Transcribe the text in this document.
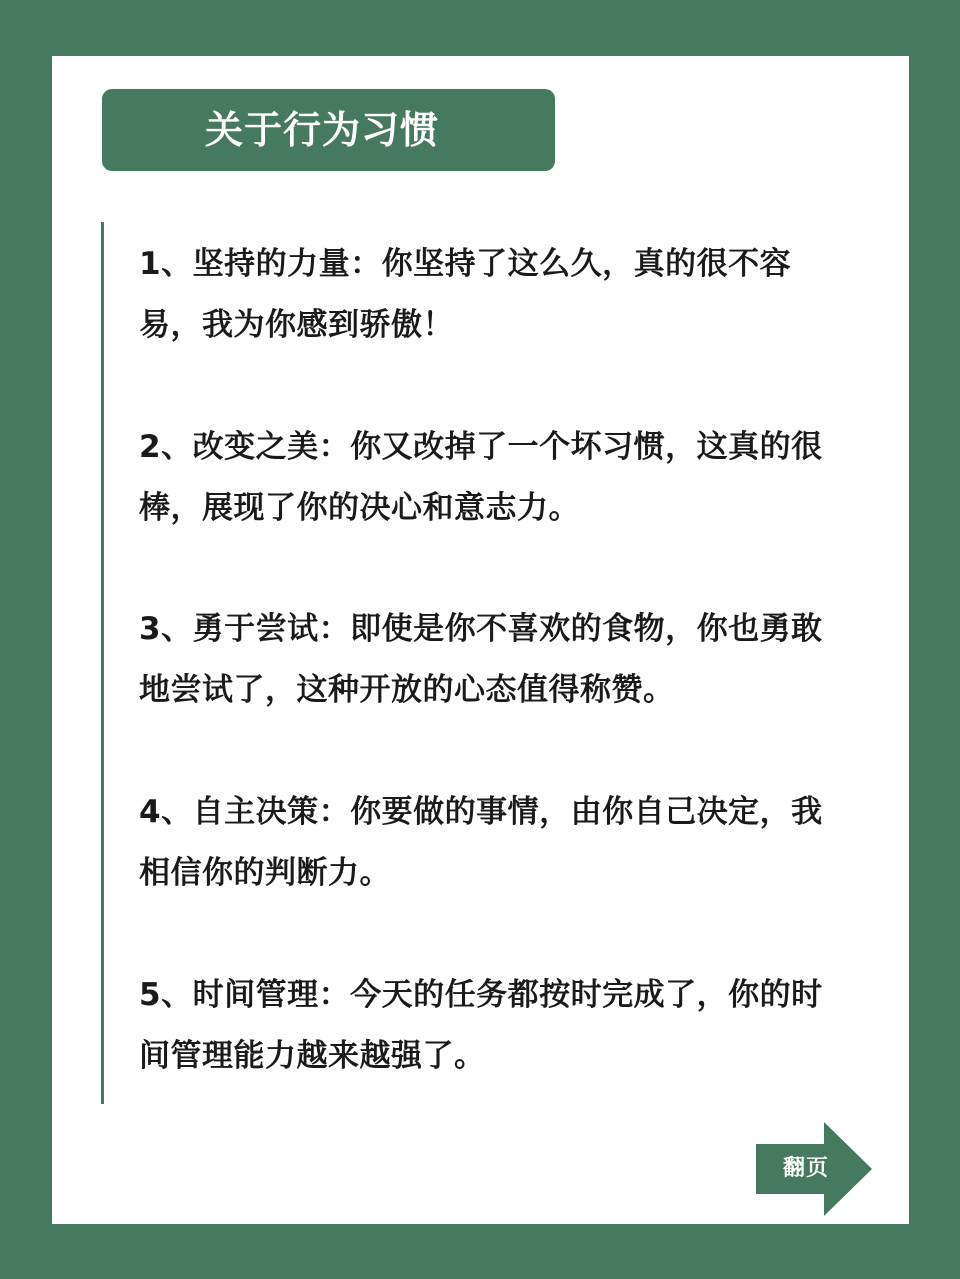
关于行为习惯
1、坚持的力量：你坚持了这么久，真的很不容易，我为你感到骄傲！
2、改变之美：你又改掉了一个坏习惯，这真的很棒，展现了你的决心和意志力。
3、勇于尝试：即使是你不喜欢的食物，你也勇敢地尝试了，这种开放的心态值得称赞。
4、自主决策：你要做的事情，由你自己决定，我相信你的判断力。
5、时间管理：今天的任务都按时完成了，你的时间管理能力越来越强了。
翻页
